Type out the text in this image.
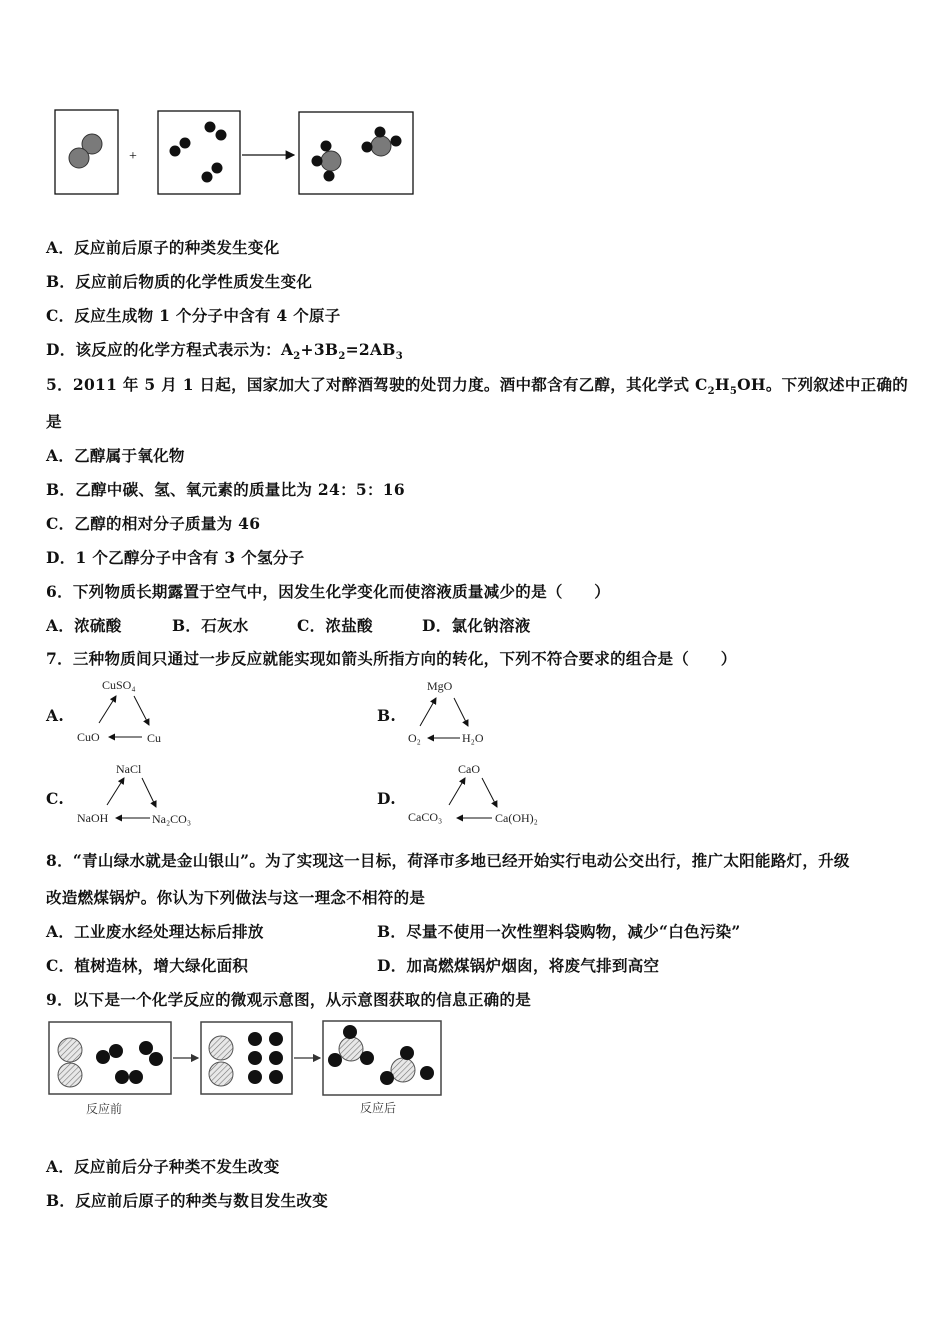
+
A．反应前后原子的种类发生变化
B．反应前后物质的化学性质发生变化
C．反应生成物 1 个分子中含有 4 个原子
D．该反应的化学方程式表示为：$A_2+3B_2=2AB_3$
5．2011 年 5 月 1 日起，国家加大了对醉酒驾驶的处罚力度。酒中都含有乙醇，其化学式 $C_2H_5OH$。下列叙述中正确的
是
A．乙醇属于氧化物
B．乙醇中碳、氢、氧元素的质量比为 24：5：16
C．乙醇的相对分子质量为 46
D．1 个乙醇分子中含有 3 个氢分子
6．下列物质长期露置于空气中，因发生化学变化而使溶液质量减少的是（　　）
A．浓硫酸	B．石灰水	C．浓盐酸	D．氯化钠溶液
7．三种物质间只通过一步反应就能实现如箭头所指方向的转化，下列不符合要求的组合是（　　）
A.
CuSO₄
CuO	Cu
B.
MgO
O₂	H₂O
C.
NaCl
NaOH	Na₂CO₃
D.
CaO
CaCO₃	Ca(OH)₂
8．“青山绿水就是金山银山”。为了实现这一目标，荷泽市多地已经开始实行电动公交出行，推广太阳能路灯，升级
改造燃煤锅炉。你认为下列做法与这一理念不相符的是
A．工业废水经处理达标后排放	B．尽量不使用一次性塑料袋购物，减少“白色污染”
C．植树造林，增大绿化面积	D．加高燃煤锅炉烟囱，将废气排到高空
9．以下是一个化学反应的微观示意图，从示意图获取的信息正确的是
反应前	反应后
A．反应前后分子种类不发生改变
B．反应前后原子的种类与数目发生改变
